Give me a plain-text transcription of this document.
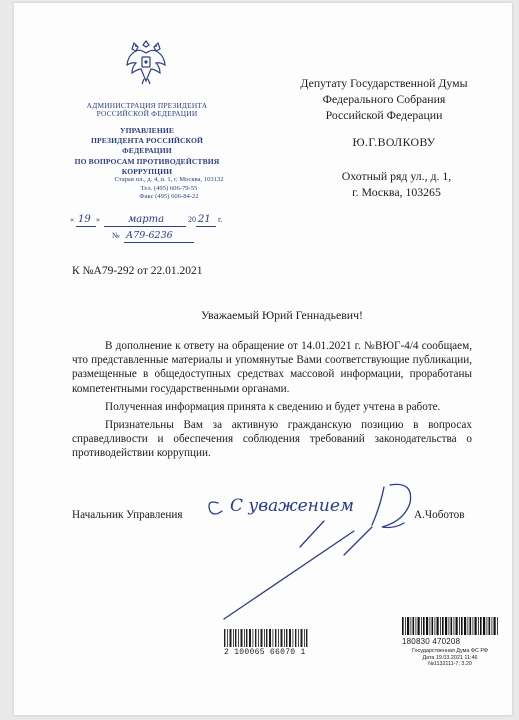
АДМИНИСТРАЦИЯ ПРЕЗИДЕНТА
РОССИЙСКОЙ ФЕДЕРАЦИИ
УПРАВЛЕНИЕ
ПРЕЗИДЕНТА РОССИЙСКОЙ ФЕДЕРАЦИИ
ПО ВОПРОСАМ ПРОТИВОДЕЙСТВИЯ
КОРРУПЦИИ
Старая пл., д. 4, п. 1, г. Москва, 103132
Тел. (495) 606-79-55
Факс (495) 606-84-22
« 19 »	марта	20 21 г.
№ А79-6236
К №А79-292 от 22.01.2021
Депутату Государственной Думы
Федерального Собрания
Российской Федерации
Ю.Г.ВОЛКОВУ
Охотный ряд ул., д. 1,
г. Москва, 103265
Уважаемый Юрий Геннадьевич!

В дополнение к ответу на обращение от 14.01.2021 г. №ВЮГ-4/4 сообщаем, что представленные материалы и упомянутые Вами соответствующие публикации, размещенные в общедоступных средствах массовой информации, проработаны компетентными государственными органами.

Полученная информация принята к сведению и будет учтена в работе.

Признательны Вам за активную гражданскую позицию в вопросах справедливости и обеспечения соблюдения требований законодательства о противодействии коррупции.

С уважением
Начальник Управления	А.Чоботов
2 100065 66070 1
180830 470208
Государственная Дума ФС РФ
Дата 19.03.2021 11:46
№1132111-7; 3.20
